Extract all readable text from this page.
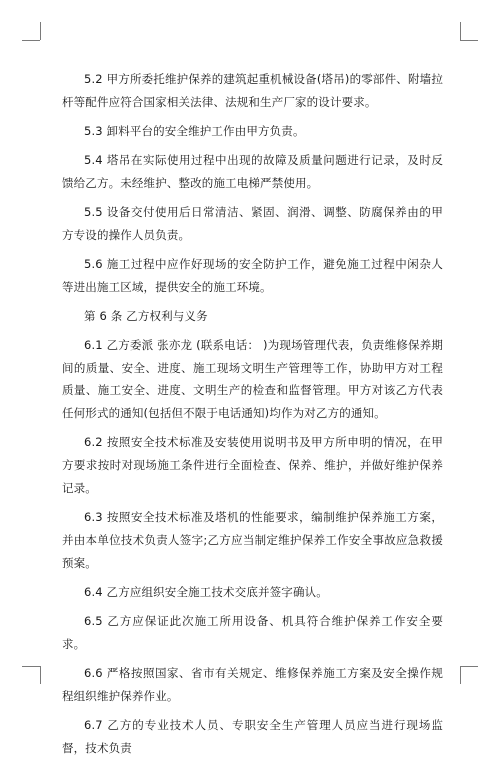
5.2 甲方所委托维护保养的建筑起重机械设备(塔吊)的零部件、附墙拉杆等配件应符合国家相关法律、法规和生产厂家的设计要求。

5.3 卸料平台的安全维护工作由甲方负责。

5.4 塔吊在实际使用过程中出现的故障及质量问题进行记录，及时反馈给乙方。未经维护、整改的施工电梯严禁使用。

5.5 设备交付使用后日常清洁、紧固、润滑、调整、防腐保养由的甲方专设的操作人员负责。

5.6 施工过程中应作好现场的安全防护工作，避免施工过程中闲杂人等进出施工区域，提供安全的施工环境。

第 6 条 乙方权利与义务

6.1 乙方委派 张亦龙 (联系电话： )为现场管理代表，负责维修保养期间的质量、安全、进度、施工现场文明生产管理等工作，协助甲方对工程质量、施工安全、进度、文明生产的检查和监督管理。甲方对该乙方代表任何形式的通知(包括但不限于电话通知)均作为对乙方的通知。

6.2 按照安全技术标准及安装使用说明书及甲方所申明的情况，在甲方要求按时对现场施工条件进行全面检查、保养、维护，并做好维护保养记录。

6.3 按照安全技术标准及塔机的性能要求，编制维护保养施工方案，并由本单位技术负责人签字;乙方应当制定维护保养工作安全事故应急救援预案。

6.4 乙方应组织安全施工技术交底并签字确认。

6.5 乙方应保证此次施工所用设备、机具符合维护保养工作安全要求。

6.6 严格按照国家、省市有关规定、维修保养施工方案及安全操作规程组织维护保养作业。

6.7 乙方的专业技术人员、专职安全生产管理人员应当进行现场监督，技术负责
